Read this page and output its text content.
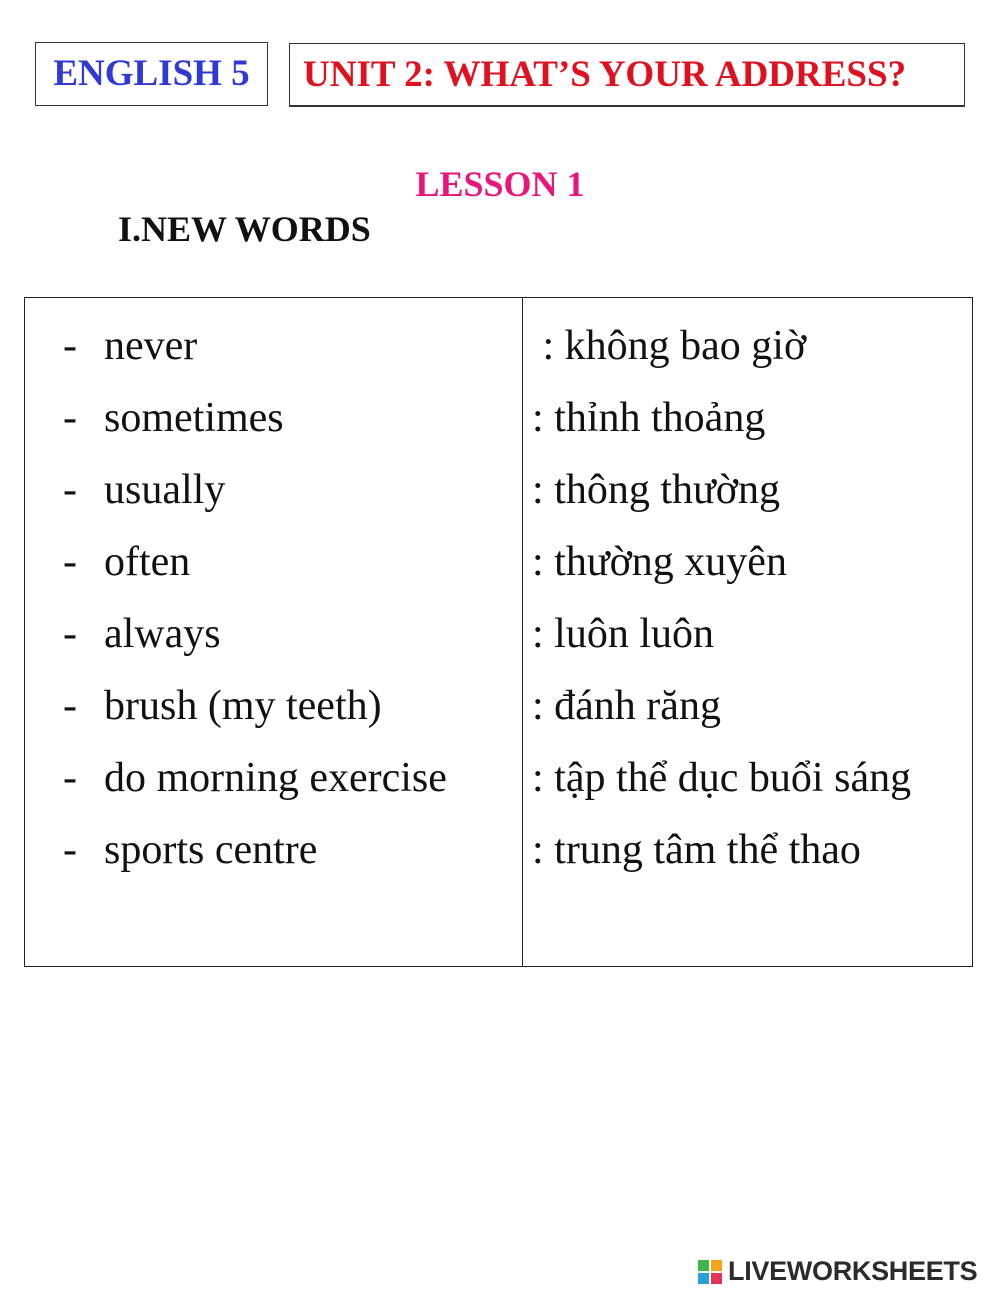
ENGLISH 5	UNIT 2: WHAT’S YOUR ADDRESS?
LESSON 1
I.NEW WORDS
- never	: không bao giờ
- sometimes	: thỉnh thoảng
- usually	: thông thường
- often	: thường xuyên
- always	: luôn luôn
- brush (my teeth)	: đánh răng
- do morning exercise : tập thể dục buổi sáng
- sports centre	: trung tâm thể thao
LIVEWORKSHEETS
